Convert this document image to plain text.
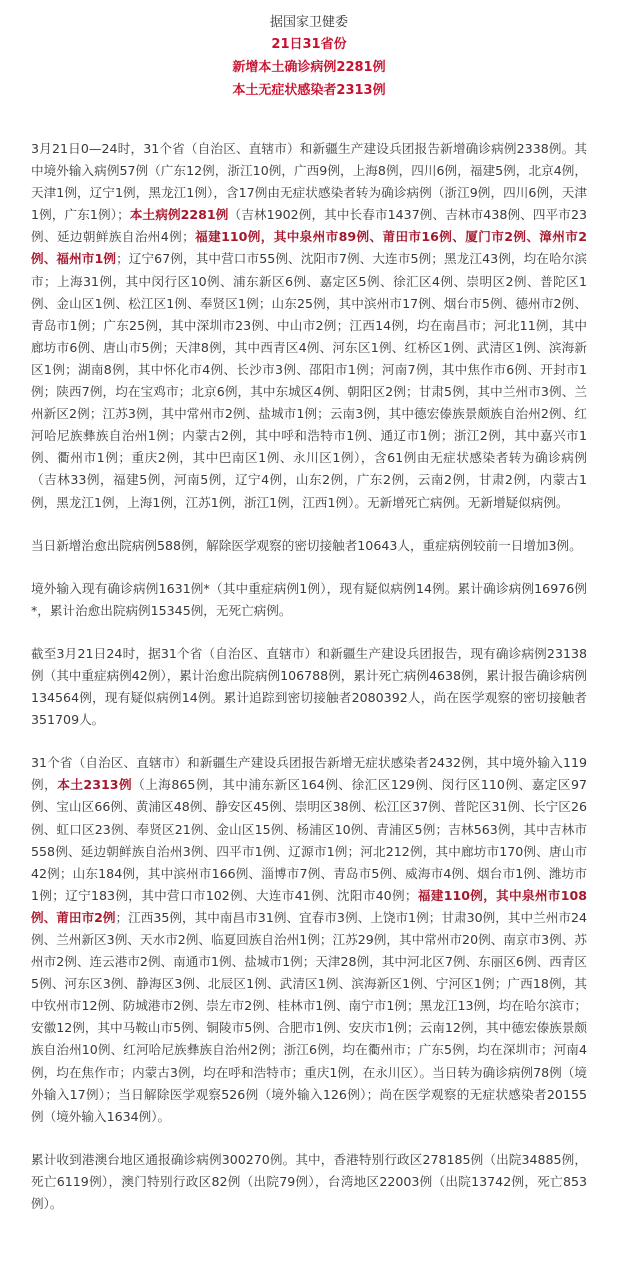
据国家卫健委
21日31省份
新增本土确诊病例2281例
本土无症状感染者2313例

3月21日0—24时，31个省（自治区、直辖市）和新疆生产建设兵团报告新增确诊病例2338例。其中境外输入病例57例（广东12例，浙江10例，广西9例，上海8例，四川6例，福建5例，北京4例，天津1例，辽宁1例，黑龙江1例），含17例由无症状感染者转为确诊病例（浙江9例，四川6例，天津1例，广东1例）；本土病例2281例（吉林1902例，其中长春市1437例、吉林市438例、四平市23例、延边朝鲜族自治州4例；福建110例，其中泉州市89例、莆田市16例、厦门市2例、漳州市2例、福州市1例；辽宁67例，其中营口市55例、沈阳市7例、大连市5例；黑龙江43例，均在哈尔滨市；上海31例，其中闵行区10例、浦东新区6例、嘉定区5例、徐汇区4例、崇明区2例、普陀区1例、金山区1例、松江区1例、奉贤区1例；山东25例，其中滨州市17例、烟台市5例、德州市2例、青岛市1例；广东25例，其中深圳市23例、中山市2例；江西14例，均在南昌市；河北11例，其中廊坊市6例、唐山市5例；天津8例，其中西青区4例、河东区1例、红桥区1例、武清区1例、滨海新区1例；湖南8例，其中怀化市4例、长沙市3例、邵阳市1例；河南7例，其中焦作市6例、开封市1例；陕西7例，均在宝鸡市；北京6例，其中东城区4例、朝阳区2例；甘肃5例，其中兰州市3例、兰州新区2例；江苏3例，其中常州市2例、盐城市1例；云南3例，其中德宏傣族景颇族自治州2例、红河哈尼族彝族自治州1例；内蒙古2例，其中呼和浩特市1例、通辽市1例；浙江2例，其中嘉兴市1例、衢州市1例；重庆2例，其中巴南区1例、永川区1例），含61例由无症状感染者转为确诊病例（吉林33例，福建5例，河南5例，辽宁4例，山东2例，广东2例，云南2例，甘肃2例，内蒙古1例，黑龙江1例，上海1例，江苏1例，浙江1例，江西1例）。无新增死亡病例。无新增疑似病例。

当日新增治愈出院病例588例，解除医学观察的密切接触者10643人，重症病例较前一日增加3例。

境外输入现有确诊病例1631例*（其中重症病例1例），现有疑似病例14例。累计确诊病例16976例*，累计治愈出院病例15345例，无死亡病例。

截至3月21日24时，据31个省（自治区、直辖市）和新疆生产建设兵团报告，现有确诊病例23138例（其中重症病例42例），累计治愈出院病例106788例，累计死亡病例4638例，累计报告确诊病例134564例，现有疑似病例14例。累计追踪到密切接触者2080392人，尚在医学观察的密切接触者351709人。

31个省（自治区、直辖市）和新疆生产建设兵团报告新增无症状感染者2432例，其中境外输入119例，本土2313例（上海865例，其中浦东新区164例、徐汇区129例、闵行区110例、嘉定区97例、宝山区66例、黄浦区48例、静安区45例、崇明区38例、松江区37例、普陀区31例、长宁区26例、虹口区23例、奉贤区21例、金山区15例、杨浦区10例、青浦区5例；吉林563例，其中吉林市558例、延边朝鲜族自治州3例、四平市1例、辽源市1例；河北212例，其中廊坊市170例、唐山市42例；山东184例，其中滨州市166例、淄博市7例、青岛市5例、威海市4例、烟台市1例、潍坊市1例；辽宁183例，其中营口市102例、大连市41例、沈阳市40例；福建110例，其中泉州市108例、莆田市2例；江西35例，其中南昌市31例、宜春市3例、上饶市1例；甘肃30例，其中兰州市24例、兰州新区3例、天水市2例、临夏回族自治州1例；江苏29例，其中常州市20例、南京市3例、苏州市2例、连云港市2例、南通市1例、盐城市1例；天津28例，其中河北区7例、东丽区6例、西青区5例、河东区3例、静海区3例、北辰区1例、武清区1例、滨海新区1例、宁河区1例；广西18例，其中钦州市12例、防城港市2例、崇左市2例、桂林市1例、南宁市1例；黑龙江13例，均在哈尔滨市；安徽12例，其中马鞍山市5例、铜陵市5例、合肥市1例、安庆市1例；云南12例，其中德宏傣族景颇族自治州10例、红河哈尼族彝族自治州2例；浙江6例，均在衢州市；广东5例，均在深圳市；河南4例，均在焦作市；内蒙古3例，均在呼和浩特市；重庆1例，在永川区）。当日转为确诊病例78例（境外输入17例）；当日解除医学观察526例（境外输入126例）；尚在医学观察的无症状感染者20155例（境外输入1634例）。

累计收到港澳台地区通报确诊病例300270例。其中，香港特别行政区278185例（出院34885例，死亡6119例），澳门特别行政区82例（出院79例），台湾地区22003例（出院13742例，死亡853例）。
